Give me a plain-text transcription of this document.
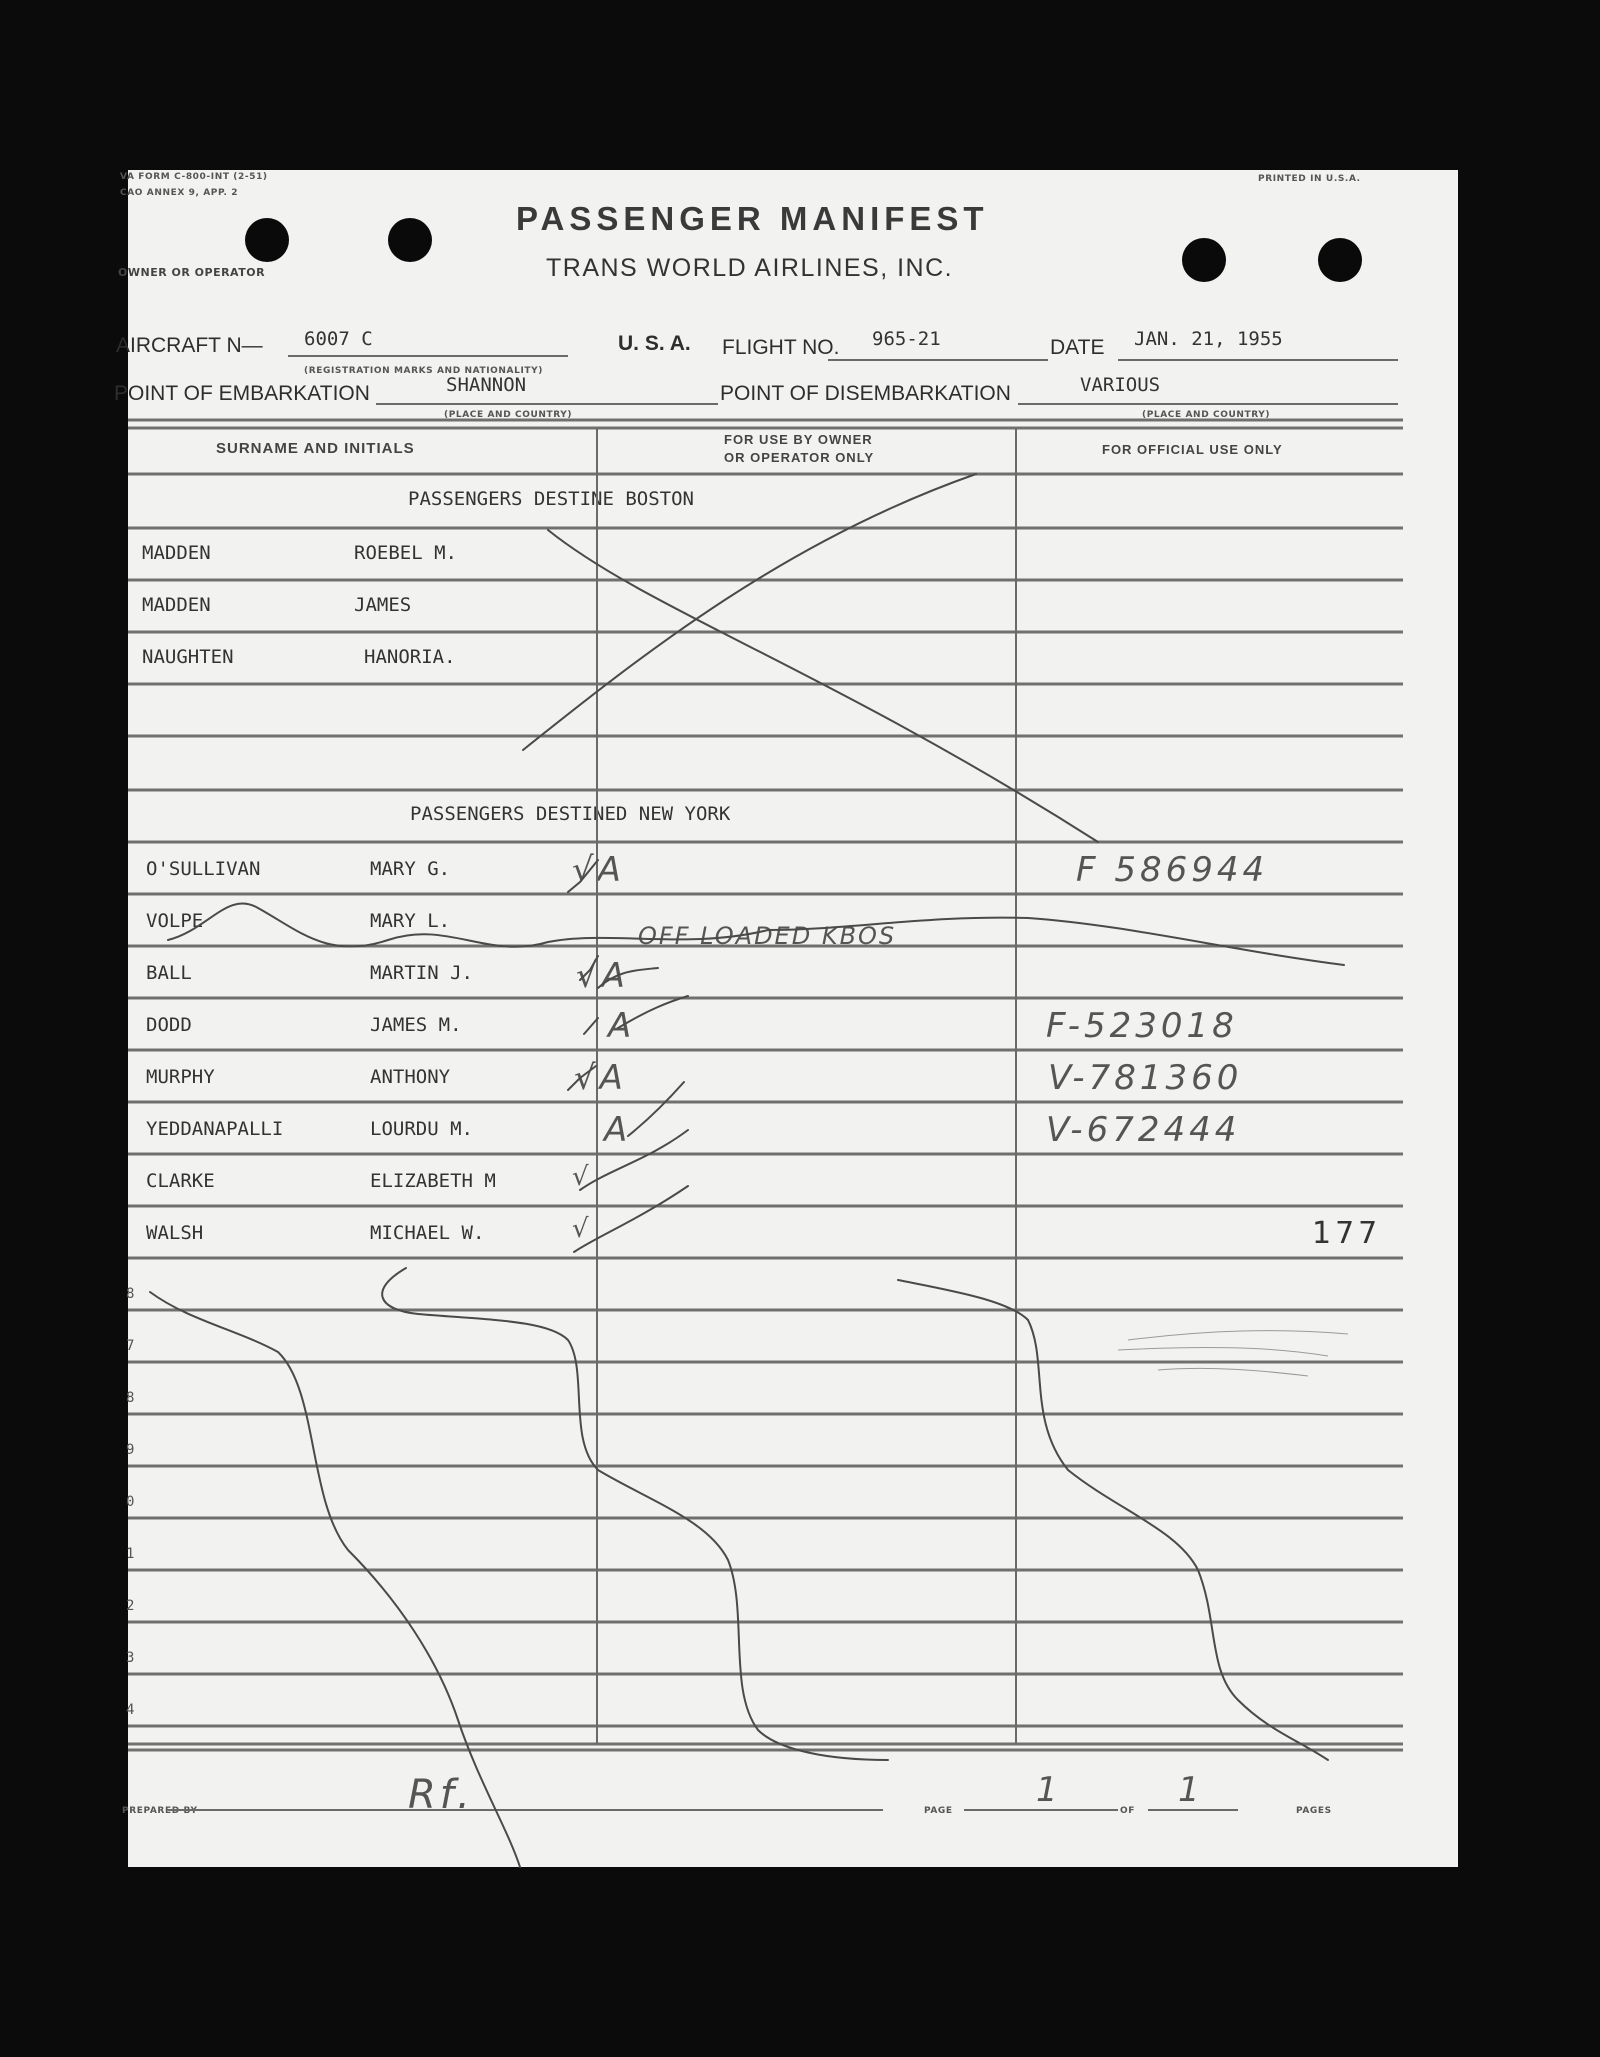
VA FORM C-800-INT (2-51)
CAO ANNEX 9, APP. 2
PRINTED IN U.S.A.
PASSENGER MANIFEST
OWNER OR OPERATOR	TRANS WORLD AIRLINES, INC.
AIRCRAFT N— 6007 C
(REGISTRATION MARKS AND NATIONALITY)
U. S. A. FLIGHT NO. 965-21	DATE JAN. 21, 1955
POINT OF EMBARKATION	SHANNON
(PLACE AND COUNTRY)
POINT OF DISEMBARKATION	VARIOUS
(PLACE AND COUNTRY)
SURNAME AND INITIALS
FOR USE BY OWNER
OR OPERATOR ONLY
FOR OFFICIAL USE ONLY
PASSENGERS DESTINE BOSTON
PASSENGERS DESTINED NEW YORK
MADDEN	ROEBEL M.
MADDEN	JAMES
NAUGHTEN	HANORIA.
O'SULLIVAN	MARY G.	√A	F 586944
VOLPE	MARY L.
OFF LOADED KBOS
BALL	MARTIN J.	√A
DODD	JAMES M.	A	F-523018
MURPHY	ANTHONY	√A	V-781360
YEDDANAPALLI	LOURDU M.	A	V-672444
CLARKE	ELIZABETH M	√
WALSH	MICHAEL W.	√	177
8
7
8
9
0
1
2
3
4
PREPARED BY	Rf.	PAGE
1
OF
1
PAGES
